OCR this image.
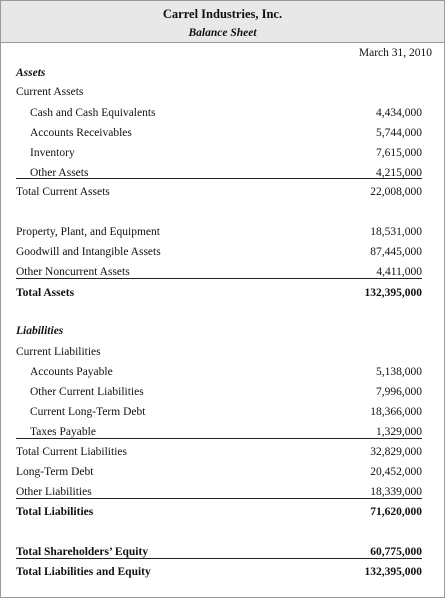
Carrel Industries, Inc.
Balance Sheet
March 31, 2010
Assets
Current Assets
Cash and Cash Equivalents	4,434,000
Accounts Receivables	5,744,000
Inventory	7,615,000
Other Assets	4,215,000
Total Current Assets	22,008,000
Property, Plant, and Equipment	18,531,000
Goodwill and Intangible Assets	87,445,000
Other Noncurrent Assets	4,411,000
Total Assets	132,395,000
Liabilities
Current Liabilities
Accounts Payable	5,138,000
Other Current Liabilities	7,996,000
Current Long-Term Debt	18,366,000
Taxes Payable	1,329,000
Total Current Liabilities	32,829,000
Long-Term Debt	20,452,000
Other Liabilities	18,339,000
Total Liabilities	71,620,000
Total Shareholders’ Equity	60,775,000
Total Liabilities and Equity	132,395,000
